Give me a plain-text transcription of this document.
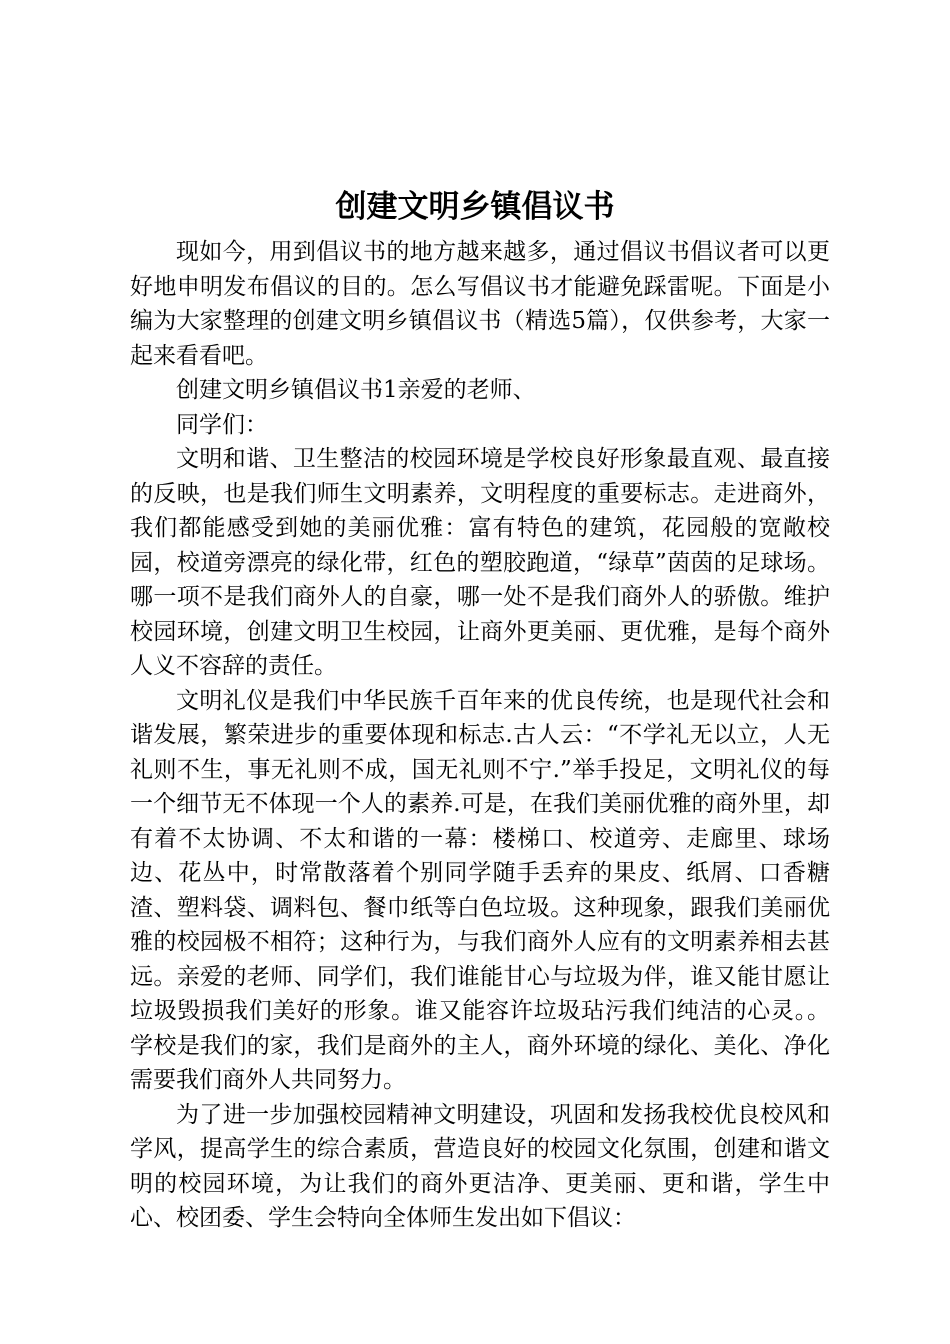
创建文明乡镇倡议书

现如今，用到倡议书的地方越来越多，通过倡议书倡议者可以更好地申明发布倡议的目的。怎么写倡议书才能避免踩雷呢。下面是小编为大家整理的创建文明乡镇倡议书（精选5篇），仅供参考，大家一起来看看吧。

创建文明乡镇倡议书1亲爱的老师、

同学们：

文明和谐、卫生整洁的校园环境是学校良好形象最直观、最直接的反映，也是我们师生文明素养，文明程度的重要标志。走进商外，我们都能感受到她的美丽优雅：富有特色的建筑，花园般的宽敞校园，校道旁漂亮的绿化带，红色的塑胶跑道，“绿草”茵茵的足球场。哪一项不是我们商外人的自豪，哪一处不是我们商外人的骄傲。维护校园环境，创建文明卫生校园，让商外更美丽、更优雅，是每个商外人义不容辞的责任。

文明礼仪是我们中华民族千百年来的优良传统，也是现代社会和谐发展，繁荣进步的重要体现和标志.古人云：“不学礼无以立，人无礼则不生，事无礼则不成，国无礼则不宁.”举手投足，文明礼仪的每一个细节无不体现一个人的素养.可是，在我们美丽优雅的商外里，却有着不太协调、不太和谐的一幕：楼梯口、校道旁、走廊里、球场边、花丛中，时常散落着个别同学随手丢弃的果皮、纸屑、口香糖渣、塑料袋、调料包、餐巾纸等白色垃圾。这种现象，跟我们美丽优雅的校园极不相符；这种行为，与我们商外人应有的文明素养相去甚远。亲爱的老师、同学们，我们谁能甘心与垃圾为伴，谁又能甘愿让垃圾毁损我们美好的形象。谁又能容许垃圾玷污我们纯洁的心灵。。学校是我们的家，我们是商外的主人，商外环境的绿化、美化、净化需要我们商外人共同努力。

为了进一步加强校园精神文明建设，巩固和发扬我校优良校风和学风，提高学生的综合素质，营造良好的校园文化氛围，创建和谐文明的校园环境，为让我们的商外更洁净、更美丽、更和谐，学生中心、校团委、学生会特向全体师生发出如下倡议：
